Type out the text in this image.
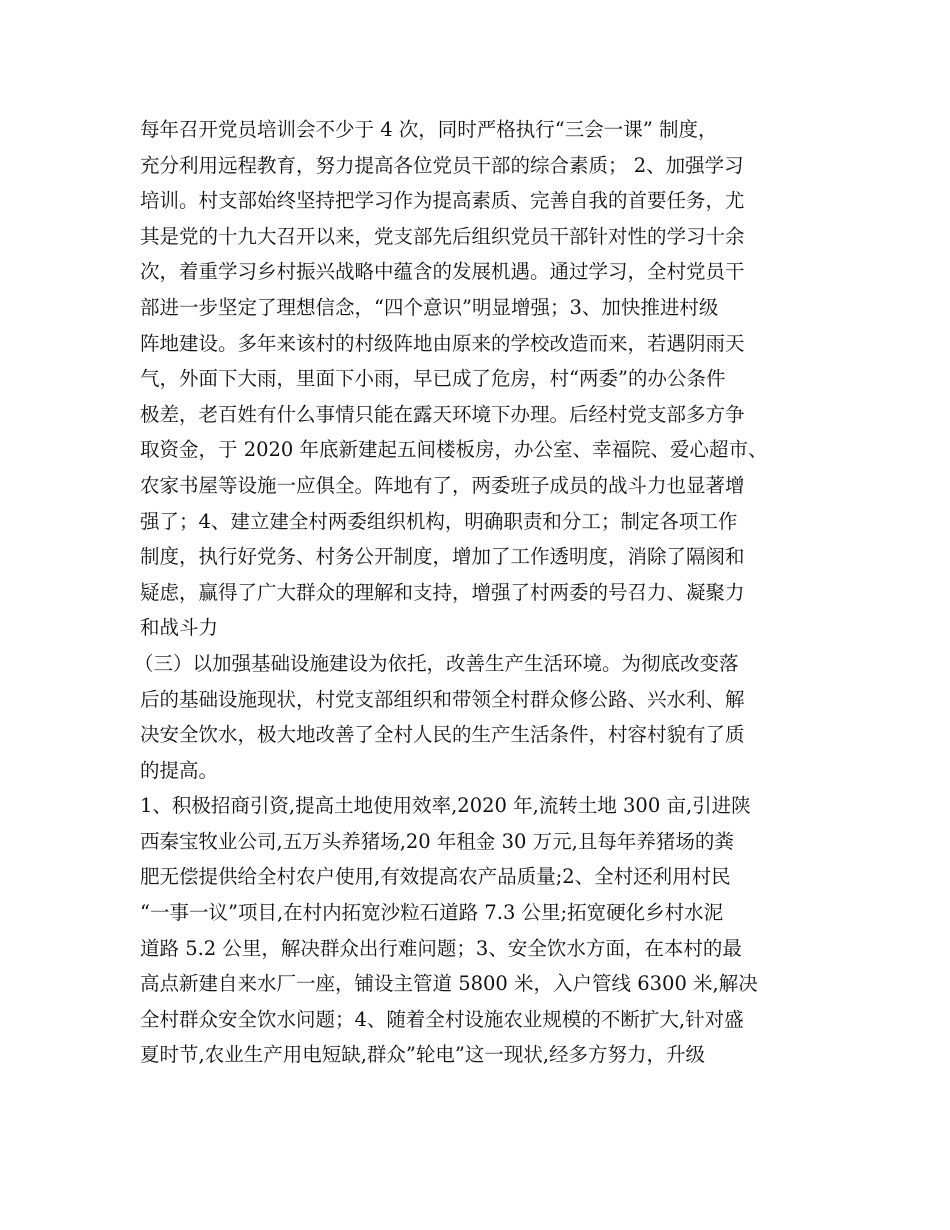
每年召开党员培训会不少于 4 次，同时严格执行“三会一课” 制度，
充分利用远程教育，努力提高各位党员干部的综合素质； 2、加强学习
培训。村支部始终坚持把学习作为提高素质、完善自我的首要任务，尤
其是党的十九大召开以来，党支部先后组织党员干部针对性的学习十余
次，着重学习乡村振兴战略中蕴含的发展机遇。通过学习，全村党员干
部进一步坚定了理想信念，“四个意识”明显增强；3、加快推进村级
阵地建设。多年来该村的村级阵地由原来的学校改造而来，若遇阴雨天
气，外面下大雨，里面下小雨，早已成了危房，村“两委”的办公条件
极差，老百姓有什么事情只能在露天环境下办理。后经村党支部多方争
取资金，于 2020 年底新建起五间楼板房，办公室、幸福院、爱心超市、
农家书屋等设施一应俱全。阵地有了，两委班子成员的战斗力也显著增
强了；4、建立建全村两委组织机构，明确职责和分工；制定各项工作
制度，执行好党务、村务公开制度，增加了工作透明度，消除了隔阂和
疑虑，赢得了广大群众的理解和支持，增强了村两委的号召力、凝聚力
和战斗力
（三）以加强基础设施建设为依托，改善生产生活环境。为彻底改变落
后的基础设施现状，村党支部组织和带领全村群众修公路、兴水利、解
决安全饮水，极大地改善了全村人民的生产生活条件，村容村貌有了质
的提高。
1、积极招商引资,提高土地使用效率,2020 年,流转土地 300 亩,引进陕
西秦宝牧业公司,五万头养猪场,20 年租金 30 万元,且每年养猪场的粪
肥无偿提供给全村农户使用,有效提高农产品质量;2、全村还利用村民
“一事一议”项目,在村内拓宽沙粒石道路 7.3 公里;拓宽硬化乡村水泥
道路 5.2 公里，解决群众出行难问题；3、安全饮水方面，在本村的最
高点新建自来水厂一座，铺设主管道 5800 米，入户管线 6300 米,解决
全村群众安全饮水问题；4、随着全村设施农业规模的不断扩大,针对盛
夏时节,农业生产用电短缺,群众”轮电”这一现状,经多方努力，升级
